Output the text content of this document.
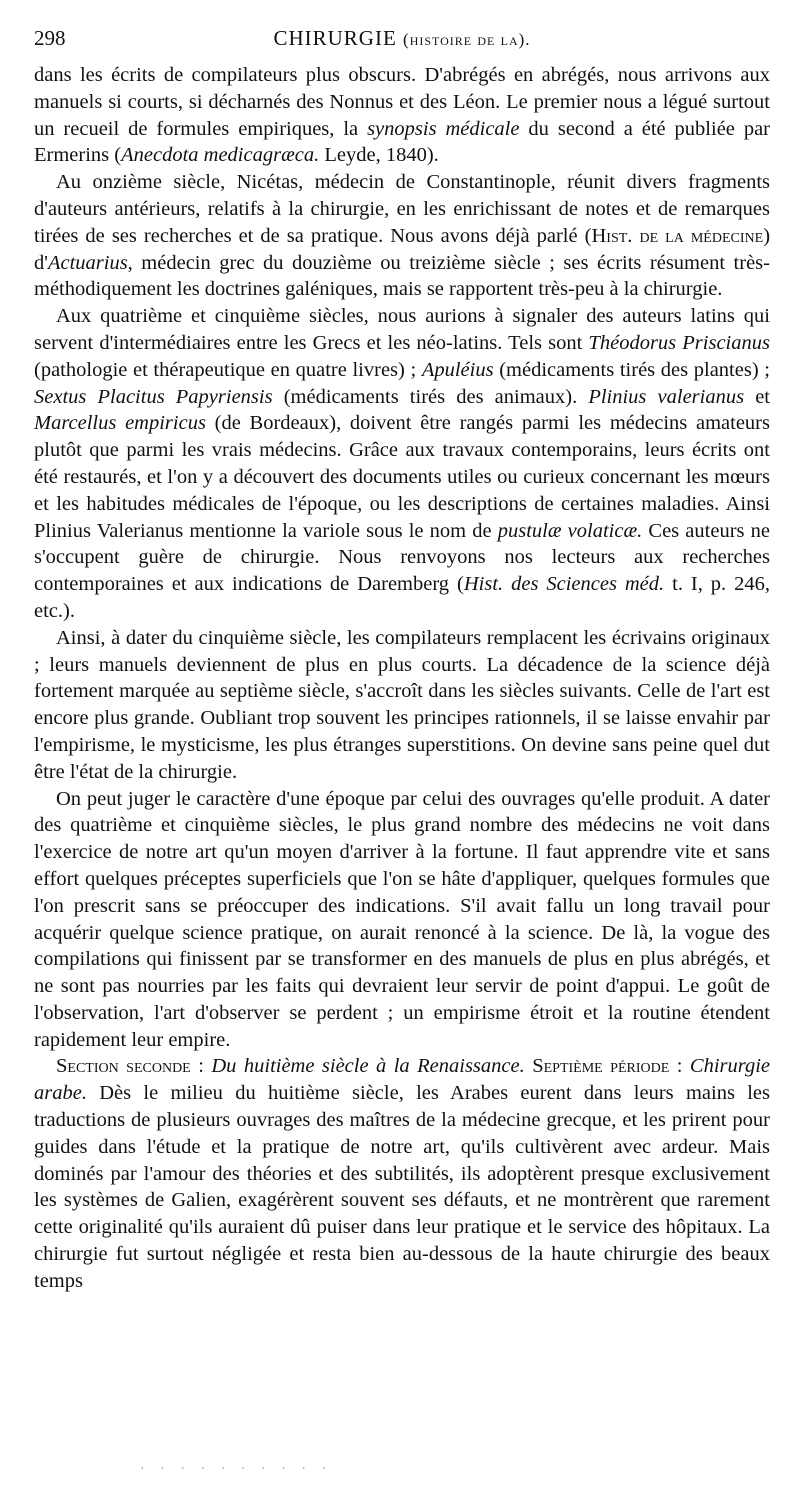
298	CHIRURGIE (histoire de la).

dans les écrits de compilateurs plus obscurs. D'abrégés en abrégés, nous arrivons aux manuels si courts, si décharnés des Nonnus et des Léon. Le premier nous a légué surtout un recueil de formules empiriques, la synopsis médicale du second a été publiée par Ermerins (Anecdota medicagræca. Leyde, 1840).

Au onzième siècle, Nicétas, médecin de Constantinople, réunit divers fragments d'auteurs antérieurs, relatifs à la chirurgie, en les enrichissant de notes et de remarques tirées de ses recherches et de sa pratique. Nous avons déjà parlé (Hist. de la médecine) d'Actuarius, médecin grec du douzième ou treizième siècle ; ses écrits résument très-méthodiquement les doctrines galéniques, mais se rapportent très-peu à la chirurgie.

Aux quatrième et cinquième siècles, nous aurions à signaler des auteurs latins qui servent d'intermédiaires entre les Grecs et les néo-latins. Tels sont Théodorus Priscianus (pathologie et thérapeutique en quatre livres) ; Apuléius (médicaments tirés des plantes) ; Sextus Placitus Papyriensis (médicaments tirés des animaux). Plinius valerianus et Marcellus empiricus (de Bordeaux), doivent être rangés parmi les médecins amateurs plutôt que parmi les vrais médecins. Grâce aux travaux contemporains, leurs écrits ont été restaurés, et l'on y a découvert des documents utiles ou curieux concernant les mœurs et les habitudes médicales de l'époque, ou les descriptions de certaines maladies. Ainsi Plinius Valerianus mentionne la variole sous le nom de pustulæ volaticæ. Ces auteurs ne s'occupent guère de chirurgie. Nous renvoyons nos lecteurs aux recherches contemporaines et aux indications de Daremberg (Hist. des Sciences méd. t. I, p. 246, etc.).

Ainsi, à dater du cinquième siècle, les compilateurs remplacent les écrivains originaux ; leurs manuels deviennent de plus en plus courts. La décadence de la science déjà fortement marquée au septième siècle, s'accroît dans les siècles suivants. Celle de l'art est encore plus grande. Oubliant trop souvent les principes rationnels, il se laisse envahir par l'empirisme, le mysticisme, les plus étranges superstitions. On devine sans peine quel dut être l'état de la chirurgie.

On peut juger le caractère d'une époque par celui des ouvrages qu'elle produit. A dater des quatrième et cinquième siècles, le plus grand nombre des médecins ne voit dans l'exercice de notre art qu'un moyen d'arriver à la fortune. Il faut apprendre vite et sans effort quelques préceptes superficiels que l'on se hâte d'appliquer, quelques formules que l'on prescrit sans se préoccuper des indications. S'il avait fallu un long travail pour acquérir quelque science pratique, on aurait renoncé à la science. De là, la vogue des compilations qui finissent par se transformer en des manuels de plus en plus abrégés, et ne sont pas nourries par les faits qui devraient leur servir de point d'appui. Le goût de l'observation, l'art d'observer se perdent ; un empirisme étroit et la routine étendent rapidement leur empire.

Section seconde : Du huitième siècle à la Renaissance. Septième période : Chirurgie arabe. Dès le milieu du huitième siècle, les Arabes eurent dans leurs mains les traductions de plusieurs ouvrages des maîtres de la médecine grecque, et les prirent pour guides dans l'étude et la pratique de notre art, qu'ils cultivèrent avec ardeur. Mais dominés par l'amour des théories et des subtilités, ils adoptèrent presque exclusivement les systèmes de Galien, exagérèrent souvent ses défauts, et ne montrèrent que rarement cette originalité qu'ils auraient dû puiser dans leur pratique et le service des hôpitaux. La chirurgie fut surtout négligée et resta bien au-dessous de la haute chirurgie des beaux temps

· · · · · · · · · ·
